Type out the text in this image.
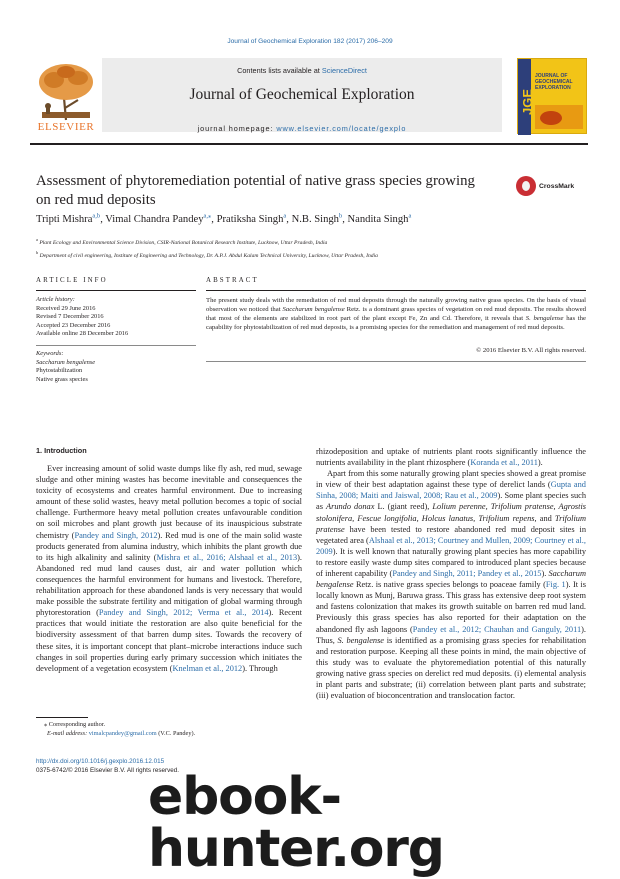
Journal of Geochemical Exploration 182 (2017) 206–209
ELSEVIER
Contents lists available at ScienceDirect
Journal of Geochemical Exploration
journal homepage: www.elsevier.com/locate/gexplo
JGE
JOURNAL OF GEOCHEMICAL EXPLORATION
Assessment of phytoremediation potential of native grass species growing on red mud deposits
CrossMark
Tripti Mishra$^{a,b}$, Vimal Chandra Pandey$^{a,⁎}$, Pratiksha Singh$^a$, N.B. Singh$^b$, Nandita Singh$^a$
$^a$ Plant Ecology and Environmental Science Division, CSIR-National Botanical Research Institute, Lucknow, Uttar Pradesh, India
$^b$ Department of civil engineering, Institute of Engineering and Technology, Dr. A.P.J. Abdul Kalam Technical University, Lucknow, Uttar Pradesh, India
ARTICLE INFO	ABSTRACT
Article history:
Received 29 June 2016
Revised 7 December 2016
Accepted 23 December 2016
Available online 28 December 2016
Keywords:
Saccharum bengalense
Phytostabilization
Native grass species
The present study deals with the remediation of red mud deposits through the naturally growing native grass species. On the basis of visual observation we noticed that Saccharum bengalense Retz. is a dominant grass species of vegetation on red mud deposits. The results showed that most of the elements are stabilized in root part of the plant except Fe, Zn and Cd. Therefore, it reveals that S. bengalense has the capability for phytostabilization of red mud deposits, is a promising species for the remediation and management of red mud deposits.
© 2016 Elsevier B.V. All rights reserved.
1. Introduction

Ever increasing amount of solid waste dumps like fly ash, red mud, sewage sludge and other mining wastes has become inevitable and consequences the toxicity of ecosystems and creates harmful environment. Due to increasing amount of these solid wastes, heavy metal pollution becomes a topic of social challenge. Furthermore heavy metal pollution creates unfavourable condition on soil microbes and plant growth just because of its inauspicious substrate chemistry (Pandey and Singh, 2012). Red mud is one of the main solid waste products generated from alumina industry, which inhibits the plant growth due to its high alkalinity and salinity (Mishra et al., 2016; Alshaal et al., 2013). Abandoned red mud land causes dust, air and water pollution which consequences the harmful environment for humans and livestock. Therefore, rehabilitation approach for these abandoned lands is very necessary that would make possible the substrate fertility and mitigation of global warming through phytorestoration (Pandey and Singh, 2012; Verma et al., 2014). Recent practices that would initiate the restoration are also quite beneficial for the biodiversity assessment of that barren dump sites. Towards the recovery of these sites, it is important concept that plant–microbe interactions induce such changes in soil properties during early primary succession which initiates the development of a vegetation ecosystem (Knelman et al., 2012). Through

rhizodeposition and uptake of nutrients plant roots significantly influence the nutrients availability in the plant rhizosphere (Koranda et al., 2011).

Apart from this some naturally growing plant species showed a great promise in view of their best adaptation against these type of derelict lands (Gupta and Sinha, 2008; Maiti and Jaiswal, 2008; Rau et al., 2009). Some plant species such as Arundo donax L. (giant reed), Lolium perenne, Trifolium pratense, Agrostis stolonifera, Fescue longifolia, Holcus lanatus, Trifolium repens, and Trifolium pratense have been tested to restore abandoned red mud deposit sites in vegetated area (Alshaal et al., 2013; Courtney and Mullen, 2009; Courtney et al., 2009). It is well known that naturally growing plant species has more capability to restore easily waste dump sites compared to introduced plant species because of inherent capability (Pandey and Singh, 2011; Pandey et al., 2015). Saccharum bengalense Retz. is native grass species belongs to poaceae family (Fig. 1). It is locally known as Munj, Baruwa grass. This grass has extensive deep root system and fastens colonization that makes its growth suitable on barren red mud land. Previously this grass species has also reported for their adaptation on the abandoned fly ash lagoons (Pandey et al., 2012; Chauhan and Ganguly, 2011). Thus, S. bengalense is identified as a promising grass species for rehabilitation and restoration purpose. Keeping all these points in mind, the main objective of this study was to evaluate the phytoremediation potential of this naturally growing native grass species on derelict red mud deposits. (i) elemental analysis in plant parts and substrate; (ii) correlation between plant parts and substrate; (iii) evaluation of bioconcentration and translocation factor.

⁎ Corresponding author.
E-mail address: vimalcpandey@gmail.com (V.C. Pandey).
http://dx.doi.org/10.1016/j.gexplo.2016.12.015
0375-6742/© 2016 Elsevier B.V. All rights reserved.
ebook-hunter.org
